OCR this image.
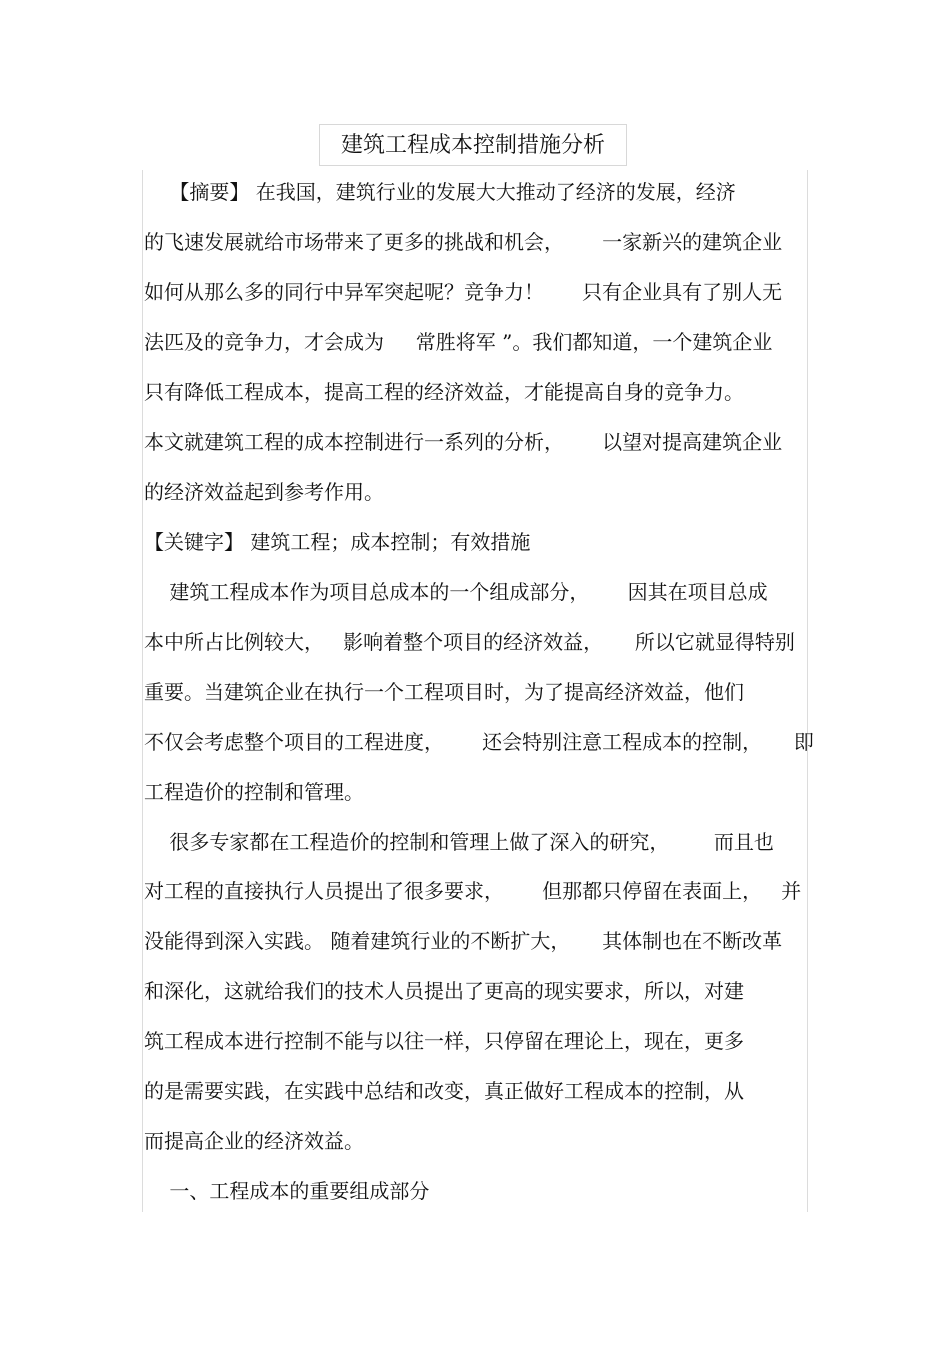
建筑工程成本控制措施分析
【摘要】 在我国，建筑行业的发展大大推动了经济的发展，经济
的飞速发展就给市场带来了更多的挑战和机会，      一家新兴的建筑企业
如何从那么多的同行中异军突起呢？竞争力！      只有企业具有了别人无
法匹及的竞争力，才会成为     常胜将军 ”。我们都知道，一个建筑企业
只有降低工程成本，提高工程的经济效益，才能提高自身的竞争力。
本文就建筑工程的成本控制进行一系列的分析，      以望对提高建筑企业
的经济效益起到参考作用。
【关键字】 建筑工程；成本控制；有效措施
建筑工程成本作为项目总成本的一个组成部分，      因其在项目总成
本中所占比例较大，   影响着整个项目的经济效益，     所以它就显得特别
重要。当建筑企业在执行一个工程项目时，为了提高经济效益，他们
不仅会考虑整个项目的工程进度，      还会特别注意工程成本的控制，     即
工程造价的控制和管理。
很多专家都在工程造价的控制和管理上做了深入的研究，       而且也
对工程的直接执行人员提出了很多要求，      但那都只停留在表面上，   并
没能得到深入实践。 随着建筑行业的不断扩大，     其体制也在不断改革
和深化，这就给我们的技术人员提出了更高的现实要求，所以，对建
筑工程成本进行控制不能与以往一样，只停留在理论上，现在，更多
的是需要实践，在实践中总结和改变，真正做好工程成本的控制，从
而提高企业的经济效益。
一、工程成本的重要组成部分
